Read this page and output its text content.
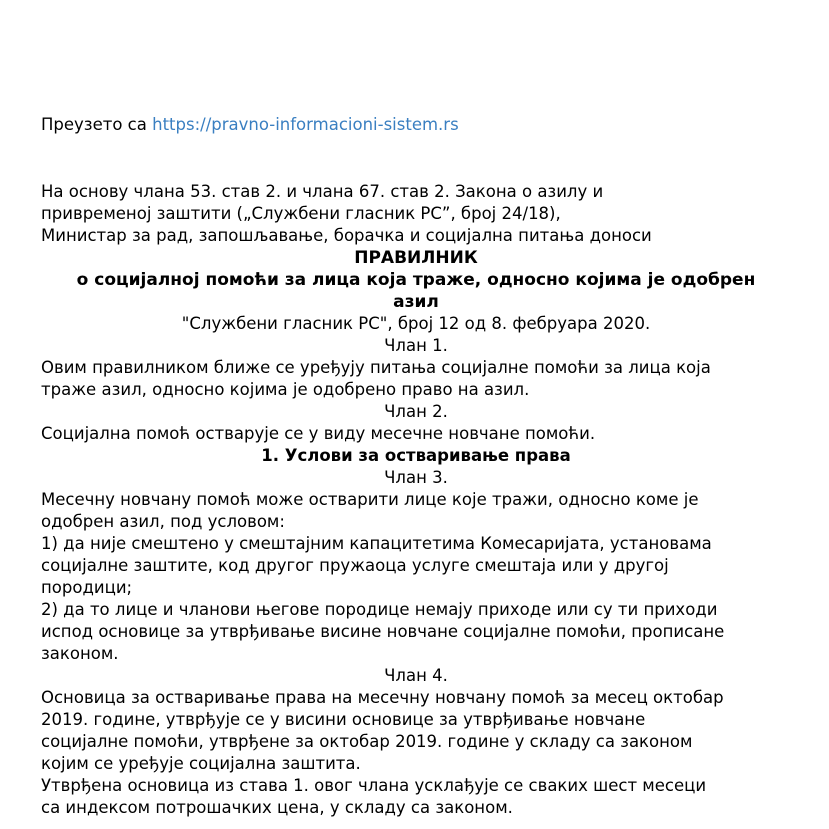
Преузето са https://pravno-informacioni-sistem.rs

На основу члана 53. став 2. и члана 67. став 2. Закона о азилу и

привременој заштити („Службени гласник РС”, број 24/18),

Министар за рад, запошљавање, борачка и социјална питања доноси

ПРАВИЛНИК

о социјалној помоћи за лица која траже, односно којима је одобрен

азил

"Службени гласник РС", број 12 од 8. фебруара 2020.

Члан 1.

Овим правилником ближе се уређују питања социјалне помоћи за лица која

траже азил, односно којима је одобрено право на азил.

Члан 2.

Социјална помоћ остварује се у виду месечне новчане помоћи.

1. Услови за остваривање права

Члан 3.

Месечну новчану помоћ може остварити лице које тражи, односно коме је

одобрен азил, под условом:

1) да није смештено у смештајним капацитетима Комесаријата, установама

социјалне заштите, код другог пружаоца услуге смештаја или у другој

породици;

2) да то лице и чланови његове породице немају приходе или су ти приходи

испод основице за утврђивање висине новчане социјалне помоћи, прописане

законом.

Члан 4.

Основица за остваривање права на месечну новчану помоћ за месец октобар

2019. године, утврђује се у висини основице за утврђивање новчане

социјалне помоћи, утврђене за октобар 2019. године у складу са законом

којим се уређује социјална заштита.

Утврђена основица из става 1. овог члана усклађује се сваких шест месеци

са индексом потрошачких цена, у складу са законом.
